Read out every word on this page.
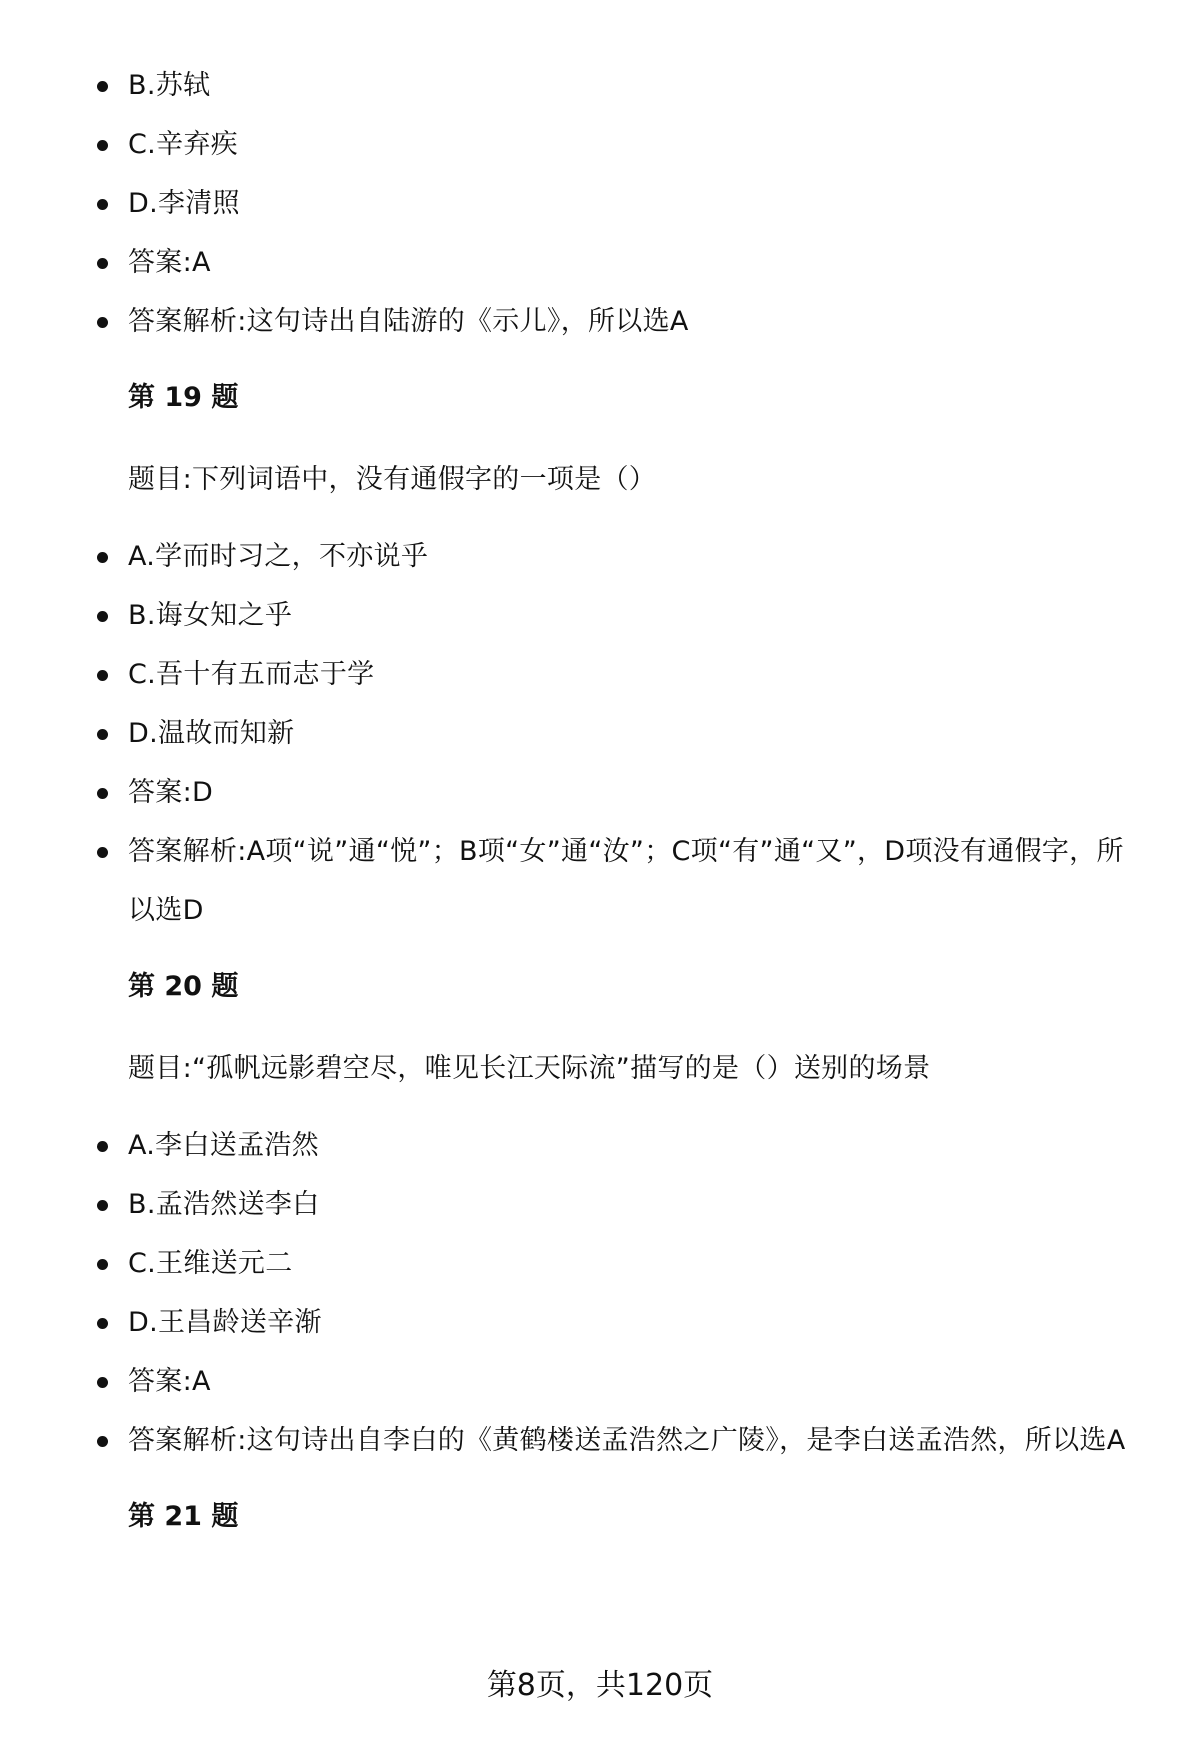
B.苏轼
C.辛弃疾
D.李清照
答案:A
答案解析:这句诗出自陆游的《示儿》，所以选A
第 19 题

题目:下列词语中，没有通假字的一项是（）

A.学而时习之，不亦说乎
B.诲女知之乎
C.吾十有五而志于学
D.温故而知新
答案:D
答案解析:A项“说”通“悦”；B项“女”通“汝”；C项“有”通“又”，D项没有通假字，所以选D
第 20 题

题目:“孤帆远影碧空尽，唯见长江天际流”描写的是（）送别的场景

A.李白送孟浩然
B.孟浩然送李白
C.王维送元二
D.王昌龄送辛渐
答案:A
答案解析:这句诗出自李白的《黄鹤楼送孟浩然之广陵》，是李白送孟浩然，所以选A
第 21 题
第8页，共120页
